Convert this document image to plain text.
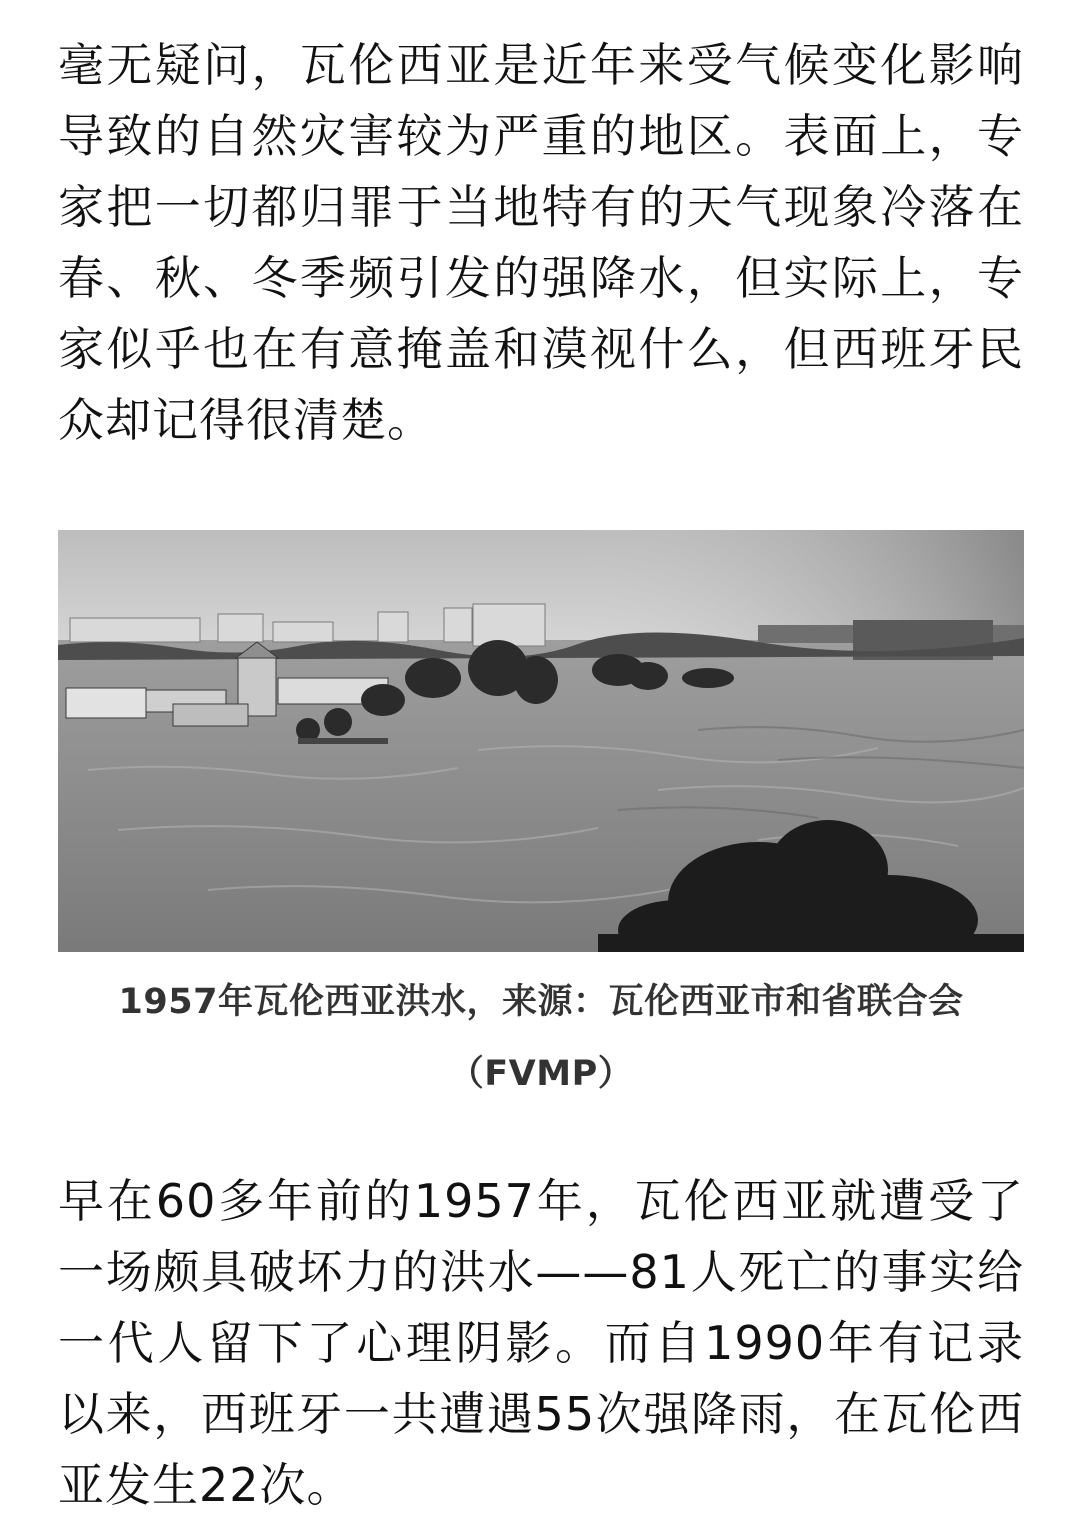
毫无疑问，瓦伦西亚是近年来受气候变化影响导致的自然灾害较为严重的地区。表面上，专家把一切都归罪于当地特有的天气现象冷落在春、秋、冬季频引发的强降水，但实际上，专家似乎也在有意掩盖和漠视什么，但西班牙民众却记得很清楚。

1957年瓦伦西亚洪水，来源：瓦伦西亚市和省联合会（FVMP）

早在60多年前的1957年，瓦伦西亚就遭受了一场颇具破坏力的洪水——81人死亡的事实给一代人留下了心理阴影。而自1990年有记录以来，西班牙一共遭遇55次强降雨，在瓦伦西亚发生22次。
